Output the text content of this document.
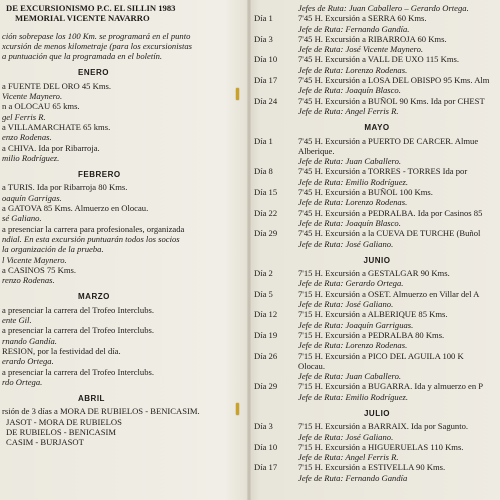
DE EXCURSIONISMO P.C. EL SILLIN 1983
MEMORIAL VICENTE NAVARRO
ción sobrepase los 100 Km. se programará en el punto
xcursión de menos kilometraje (para los excursionistas
a puntuación que la programada en el boletín.
ENERO
a FUENTE DEL ORO 45 Kms.
Vicente Maynero.
n a OLOCAU 65 kms.
gel Ferris R.
a VILLAMARCHATE 65 kms.
enzo Rodenas.
a CHIVA. Ida por Ribarroja.
milio Rodríguez.
FEBRERO
a TURIS. Ida por Ribarroja 80 Kms.
oaquín Garrigas.
a GATOVA 85 Kms. Almuerzo en Olocau.
sé Galiano.
a presenciar la carrera para profesionales, organizada
ndial. En esta excursión puntuarán todos los socios
la organización de la prueba.
l Vicente Maynero.
a CASINOS 75 Kms.
renzo Rodenas.
MARZO
a presenciar la carrera del Trofeo Interclubs.
ente Gil.
a presenciar la carrera del Trofeo Interclubs.
rnando Gandía.
RESION, por la festividad del día.
erardo Ortega.
a presenciar la carrera del Trofeo Interclubs.
rdo Ortega.
ABRIL
rsión de 3 días a MORA DE RUBIELOS - BENICASIM.
JASOT - MORA DE RUBIELOS
DE RUBIELOS - BENICASIM
CASIM - BURJASOT
Jefes de Ruta: Juan Caballero – Gerardo Ortega.
Día 1	7'45 H. Excursión a SERRA 60 Kms.
Jefe de Ruta: Fernando Gandía.
Día 3	7'45 H. Excursión a RIBARROJA 60 Kms.
Jefe de Ruta: José Vicente Maynero.
Día 10	7'45 H. Excursión a VALL DE UXO 115 Kms.
Jefe de Ruta: Lorenzo Rodenas.
Día 17	7'45 H. Excursión a LOSA DEL OBISPO 95 Kms. Alm
Jefe de Ruta: Joaquín Blasco.
Día 24	7'45 H. Excursión a BUÑOL 90 Kms. Ida por CHEST
Jefe de Ruta: Angel Ferris R.
MAYO
Día 1	7'45 H. Excursión a PUERTO DE CARCER. Almue
Alberique.
Jefe de Ruta: Juan Caballero.
Día 8	7'45 H. Excursión a TORRES - TORRES Ida por
Jefe de Ruta: Emilio Rodríguez.
Día 15	7'45 H. Excursión a BUÑOL 100 Kms.
Jefe de Ruta: Lorenzo Rodenas.
Día 22	7'45 H. Excursión a PEDRALBA. Ida por Casinos 85
Jefe de Ruta: Joaquín Blasco.
Día 29	7'45 H. Excursión a la CUEVA DE TURCHE (Buñol
Jefe de Ruta: José Galiano.
JUNIO
Día 2	7'15 H. Excursión a GESTALGAR 90 Kms.
Jefe de Ruta: Gerardo Ortega.
Día 5	7'15 H. Excursión a OSET. Almuerzo en Villar del A
Jefe de Ruta: José Galiano.
Día 12	7'15 H. Excursión a ALBERIQUE 85 Kms.
Jefe de Ruta: Joaquín Garriguas.
Día 19	7'15 H. Excursión a PEDRALBA 80 Kms.
Jefe de Ruta: Lorenzo Rodenas.
Día 26	7'15 H. Excursión a PICO DEL AGUILA 100 K
Olocau.
Jefe de Ruta: Juan Caballero.
Día 29	7'15 H. Excursión a BUGARRA. Ida y almuerzo en P
Jefe de Ruta: Emilio Rodríguez.
JULIO
Día 3	7'15 H. Excursión a BARRAIX. Ida por Sagunto.
Jefe de Ruta: José Galiano.
Día 10	7'15 H. Excursión a HIGUERUELAS 110 Kms.
Jefe de Ruta: Angel Ferris R.
Día 17	7'15 H. Excursión a ESTIVELLA 90 Kms.
Jefe de Ruta: Fernando Gandía
